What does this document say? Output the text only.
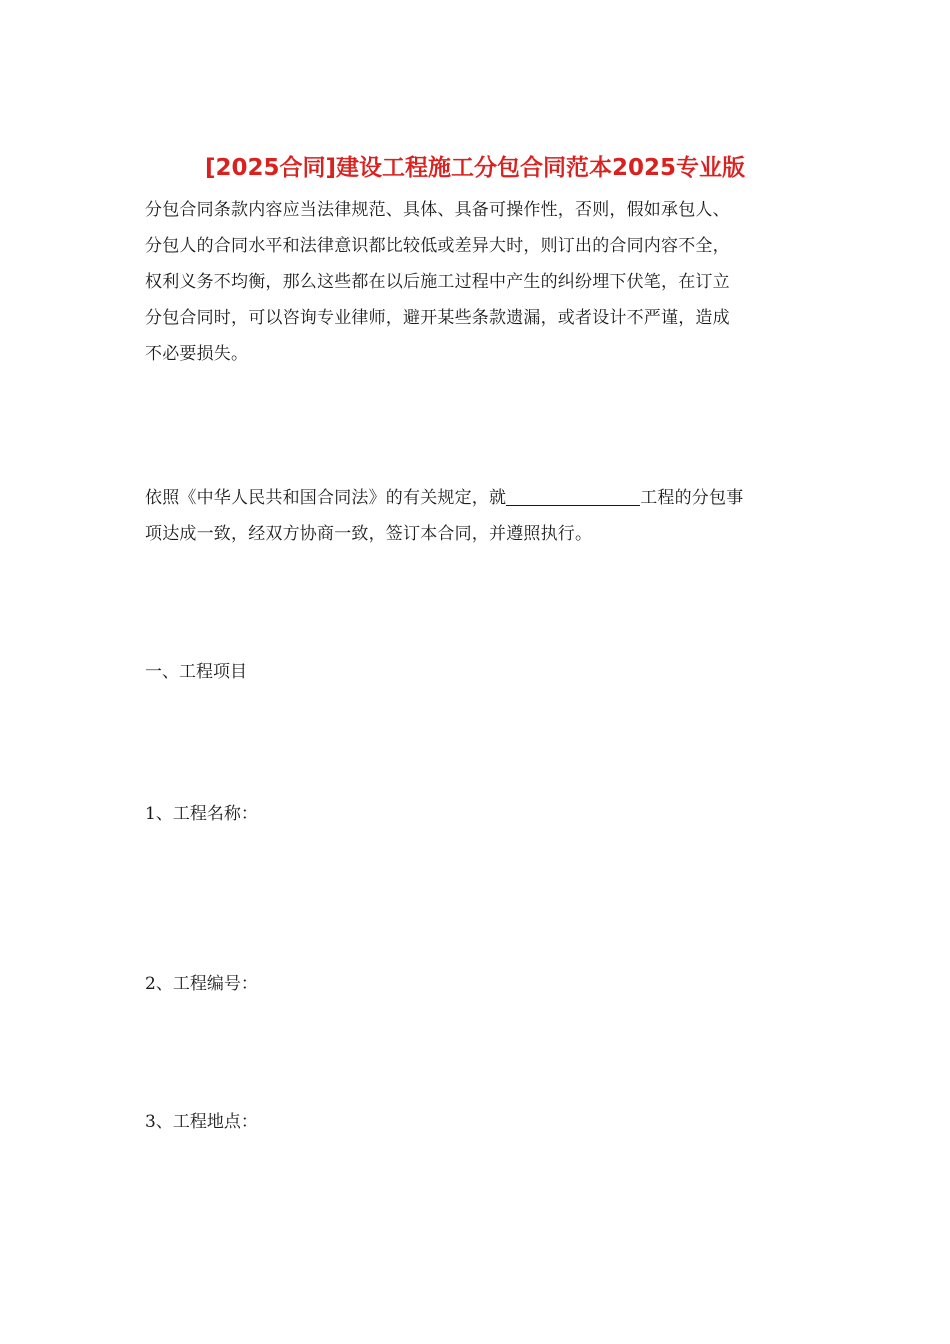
[2025合同]建设工程施工分包合同范本2025专业版
分包合同条款内容应当法律规范、具体、具备可操作性，否则，假如承包人、
分包人的合同水平和法律意识都比较低或差异大时，则订出的合同内容不全，
权利义务不均衡，那么这些都在以后施工过程中产生的纠纷埋下伏笔，在订立
分包合同时，可以咨询专业律师，避开某些条款遗漏，或者设计不严谨，造成
不必要损失。
依照《中华人民共和国合同法》的有关规定，就	工程的分包事
项达成一致，经双方协商一致，签订本合同，并遵照执行。
一、工程项目
1、工程名称：
2、工程编号：
3、工程地点：
